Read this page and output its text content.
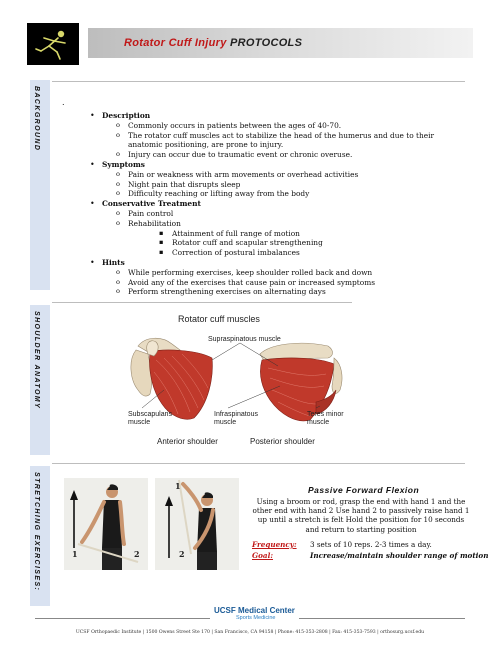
Rotator Cuff Injury PROTOCOLS
BACKGROUND
SHOULDER ANATOMY
STRETCHING EXERCISES:
.
• Description
o Commonly occurs in patients between the ages of 40-70.
o The rotator cuff muscles act to stabilize the head of the humerus and due to their anatomic positioning, are prone to injury.
o Injury can occur due to traumatic event or chronic overuse.
• Symptoms
o Pain or weakness with arm movements or overhead activities
o Night pain that disrupts sleep
o Difficulty reaching or lifting away from the body
• Conservative Treatment
o Pain control
o Rehabilitation
▪ Attainment of full range of motion
▪ Rotator cuff and scapular strengthening
▪ Correction of postural imbalances
• Hints
o While performing exercises, keep shoulder rolled back and down
o Avoid any of the exercises that cause pain or increased symptoms
o Perform strengthening exercises on alternating days
Rotator cuff muscles
Supraspinatous muscle
Subscapularis muscle
Infraspinatous muscle
Teres minor muscle
Anterior shoulder	Posterior shoulder
1	2
1
2
Passive Forward Flexion
Using a broom or rod, grasp the end with hand 1 and the other end with hand 2 Use hand 2 to passively raise hand 1 up until a stretch is felt Hold the position for 10 seconds and return to starting position
Frequency: 3 sets of 10 reps. 2-3 times a day.
Goal:	Increase/maintain shoulder range of motion
UCSF Medical Center
Sports Medicine
UCSF Orthopaedic Institute | 1500 Owens Street Ste 170 | San Francisco, CA 94158 | Phone: 415-353-2808 | Fax: 415-353-7593 | orthosurg.ucsf.edu
